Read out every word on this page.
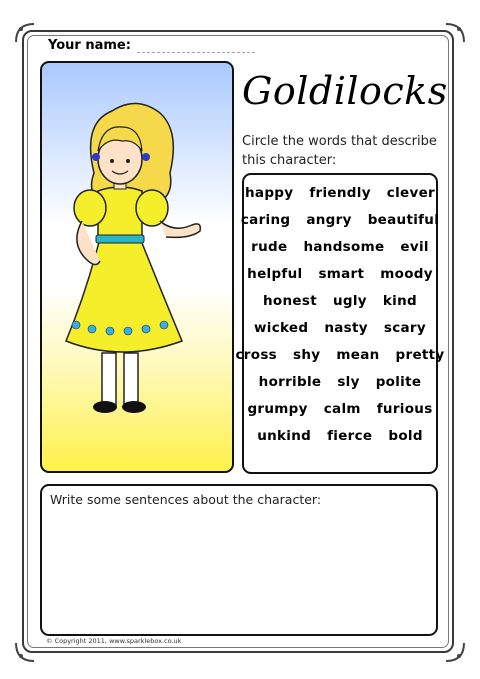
Your name:
Goldilocks
Circle the words that describe this character:
happy friendly clever
caring angry beautiful
rude handsome evil
helpful smart moody
honest ugly kind
wicked nasty scary
cross shy mean pretty
horrible sly polite
grumpy calm furious
unkind fierce bold
Write some sentences about the character:
© Copyright 2011, www.sparklebox.co.uk
